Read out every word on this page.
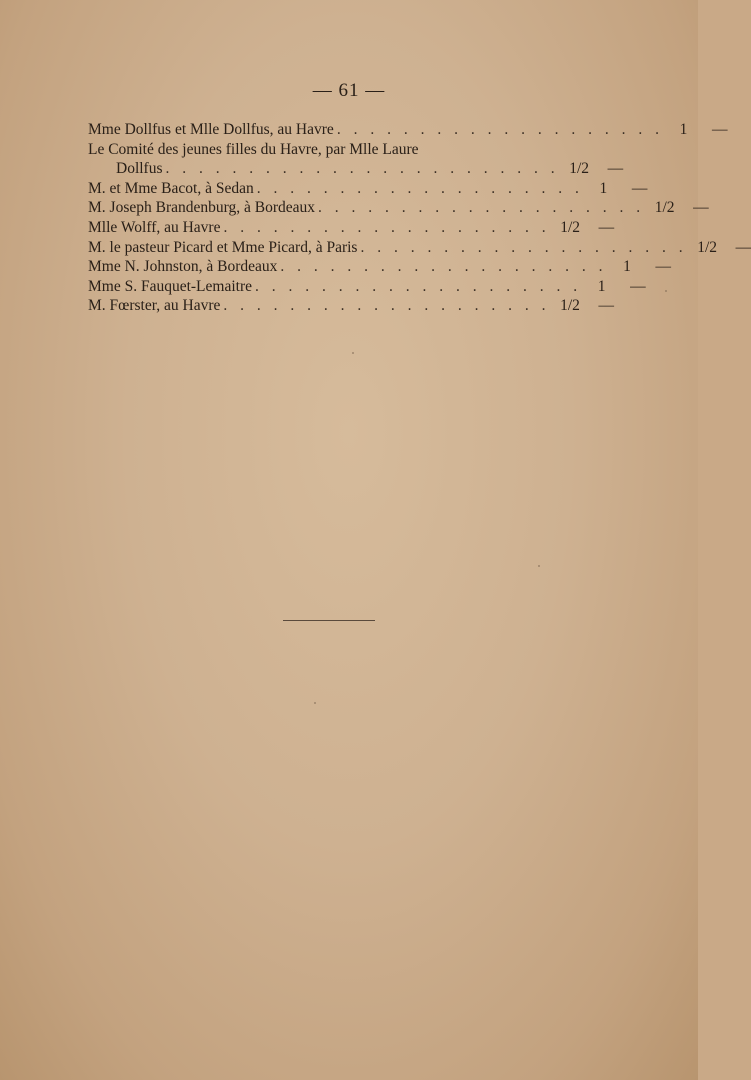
— 61 —
Mme Dollfus et Mlle Dollfus, au Havre . . . . . . . . . . . . . . . . . . . .	1	—
Le Comité des jeunes filles du Havre, par Mlle Laure
Dollfus . . . . . . . . . . . . . . . . . . . . . . . . 1/2	—
M. et Mme Bacot, à Sedan . . . . . . . . . . . . . . . . . . . .	1	—
M. Joseph Brandenburg, à Bordeaux . . . . . . . . . . . . . . . . . . . . 1/2	—
Mlle Wolff, au Havre . . . . . . . . . . . . . . . . . . . . 1/2	—
M. le pasteur Picard et Mme Picard, à Paris . . . . . . . . . . . . . . . . . . . . 1/2	—
Mme N. Johnston, à Bordeaux . . . . . . . . . . . . . . . . . . . .	1	—
Mme S. Fauquet-Lemaitre . . . . . . . . . . . . . . . . . . . .	1	—
M. Fœrster, au Havre . . . . . . . . . . . . . . . . . . . . 1/2	—
